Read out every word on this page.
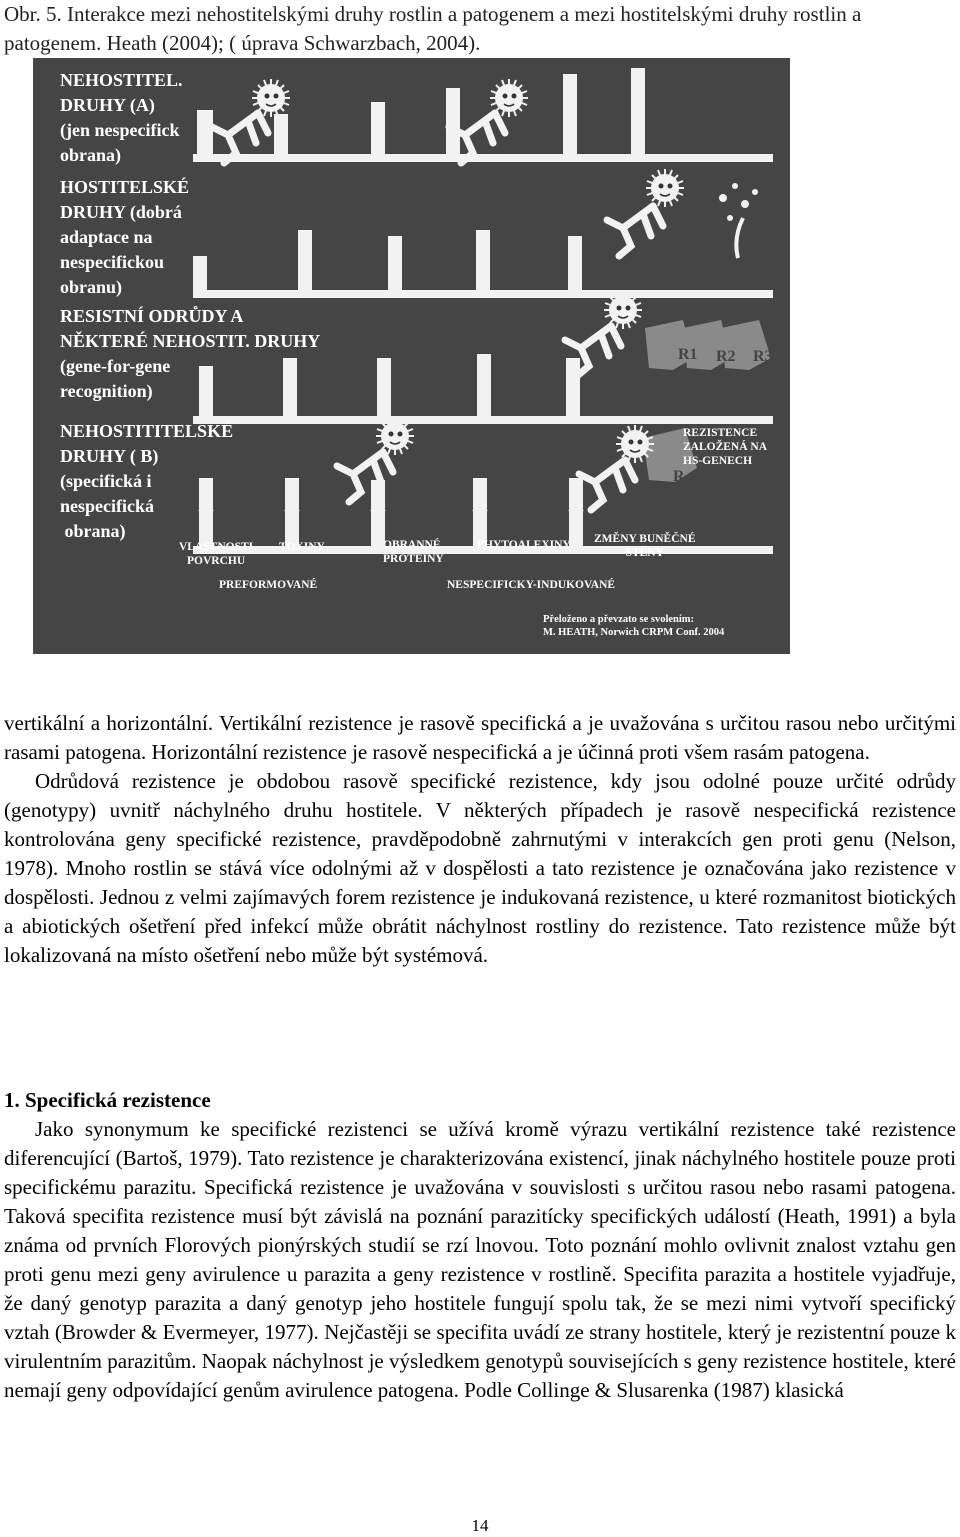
Obr. 5. Interakce mezi nehostitelskými druhy rostlin a patogenem a mezi hostitelskými druhy rostlin a patogenem. Heath (2004); ( úprava Schwarzbach, 2004).
NEHOSTITEL.
DRUHY (A)
(jen nespecifick
obrana)
HOSTITELSKÉ
DRUHY (dobrá
adaptace na
nespecifickou
obranu)
RESISTNÍ ODRŮDY A
NĚKTERÉ NEHOSTIT. DRUHY
(gene-for-gene
recognition)
NEHOSTITITELSKÉ
DRUHY ( B)
(specifická i
nespecifická
obrana)
R1 R2 R3
R
REZISTENCE
ZALOŽENÁ NA
HS-GENECH
VLASTNOSTI
POVRCHU
TOXINY	OBRANNÉ
PROTEINY
PHYTOALEXINY ZMĚNY BUNĚČNÉ
STĚNY
PREFORMOVANÉ	NESPECIFICKY-INDUKOVANÉ
Přeloženo a převzato se svolením:
M. HEATH, Norwich CRPM Conf. 2004

vertikální a horizontální. Vertikální rezistence je rasově specifická a je uvažována s určitou rasou nebo určitými rasami patogena. Horizontální rezistence je rasově nespecifická a je účinná proti všem rasám patogena.

Odrůdová rezistence je obdobou rasově specifické rezistence, kdy jsou odolné pouze určité odrůdy (genotypy) uvnitř náchylného druhu hostitele. V některých případech je rasově nespecifická rezistence kontrolována geny specifické rezistence, pravděpodobně zahrnutými v interakcích gen proti genu (Nelson, 1978). Mnoho rostlin se stává více odolnými až v dospělosti a tato rezistence je označována jako rezistence v dospělosti. Jednou z velmi zajímavých forem rezistence je indukovaná rezistence, u které rozmanitost biotických a abiotických ošetření před infekcí může obrátit náchylnost rostliny do rezistence. Tato rezistence může být lokalizovaná na místo ošetření nebo může být systémová.

1. Specifická rezistence

Jako synonymum ke specifické rezistenci se užívá kromě výrazu vertikální rezistence také rezistence diferencující (Bartoš, 1979). Tato rezistence je charakterizována existencí, jinak náchylného hostitele pouze proti specifickému parazitu. Specifická rezistence je uvažována v souvislosti s určitou rasou nebo rasami patogena. Taková specifita rezistence musí být závislá na poznání parazitícky specifických událostí (Heath, 1991) a byla známa od prvních Florových pionýrských studií se rzí lnovou. Toto poznání mohlo ovlivnit znalost vztahu gen proti genu mezi geny avirulence u parazita a geny rezistence v rostlině. Specifita parazita a hostitele vyjadřuje, že daný genotyp parazita a daný genotyp jeho hostitele fungují spolu tak, že se mezi nimi vytvoří specifický vztah (Browder & Evermeyer, 1977). Nejčastěji se specifita uvádí ze strany hostitele, který je rezistentní pouze k virulentním parazitům. Naopak náchylnost je výsledkem genotypů souvisejících s geny rezistence hostitele, které nemají geny odpovídající genům avirulence patogena. Podle Collinge & Slusarenka (1987) klasická

14
